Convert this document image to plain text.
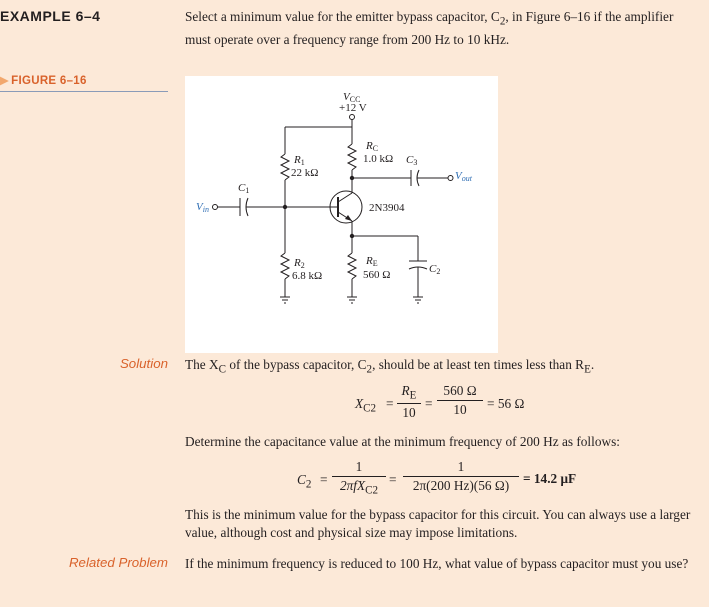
EXAMPLE 6–4	Select a minimum value for the emitter bypass capacitor, $C_2$, in Figure 6–16 if the amplifier must operate over a frequency range from 200 Hz to 10 kHz.
▶ FIGURE 6–16
VCC
+12 V
R1
22 kΩ
R2
6.8 kΩ
RC
1.0 kΩ
RE
560 Ω
C1
C3
C2
Vin
Vout
2N3904
Solution The $X_C$ of the bypass capacitor, $C_2$, should be at least ten times less than $R_E$.
$X_{C2} = \frac{R_E}{10} = \frac{560 \Omega}{10} = 56$ Ω
Determine the capacitance value at the minimum frequency of 200 Hz as follows:
$C_2$ =
1
2πfX$_{C2}$
= $\frac{1}{2\pi(200 Hz)(56 \Omega)} = 14.2$ μF
This is the minimum value for the bypass capacitor for this circuit. You can always use a larger value, although cost and physical size may impose limitations.
Related Problem If the minimum frequency is reduced to 100 Hz, what value of bypass capacitor must you use?
